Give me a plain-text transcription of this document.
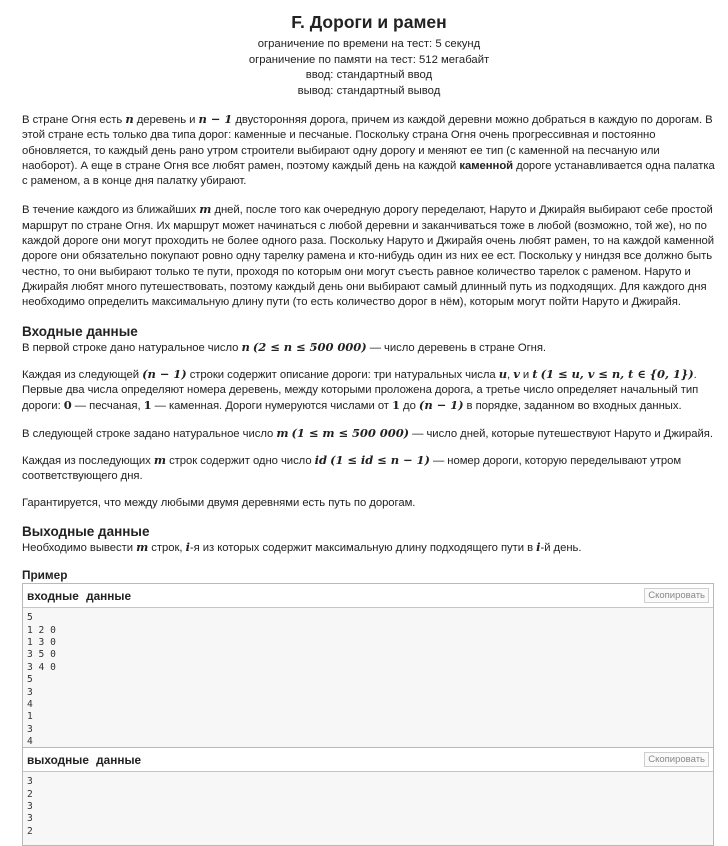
F. Дороги и рамен
ограничение по времени на тест: 5 секунд
ограничение по памяти на тест: 512 мегабайт
ввод: стандартный ввод
вывод: стандартный вывод

В стране Огня есть n деревень и n − 1 двусторонняя дорога, причем из каждой деревни можно добраться в каждую по дорогам. В этой стране есть только два типа дорог: каменные и песчаные. Поскольку страна Огня очень прогрессивная и постоянно обновляется, то каждый день рано утром строители выбирают одну дорогу и меняют ее тип (с каменной на песчаную или наоборот). А еще в стране Огня все любят рамен, поэтому каждый день на каждой каменной дороге устанавливается одна палатка с раменом, а в конце дня палатку убирают.

В течение каждого из ближайших m дней, после того как очередную дорогу переделают, Наруто и Джирайя выбирают себе простой маршрут по стране Огня. Их маршрут может начинаться с любой деревни и заканчиваться тоже в любой (возможно, той же), но по каждой дороге они могут проходить не более одного раза. Поскольку Наруто и Джирайя очень любят рамен, то на каждой каменной дороге они обязательно покупают ровно одну тарелку рамена и кто-нибудь один из них ее ест. Поскольку у ниндзя все должно быть честно, то они выбирают только те пути, проходя по которым они могут съесть равное количество тарелок с раменом. Наруто и Джирайя любят много путешествовать, поэтому каждый день они выбирают самый длинный путь из подходящих. Для каждого дня необходимо определить максимальную длину пути (то есть количество дорог в нём), которым могут пойти Наруто и Джирайя.

Входные данные

В первой строке дано натуральное число n (2 ≤ n ≤ 500 000) — число деревень в стране Огня.

Каждая из следующей (n − 1) строки содержит описание дороги: три натуральных числа u, v и t (1 ≤ u, v ≤ n, t ∈ {0, 1}). Первые два числа определяют номера деревень, между которыми проложена дорога, а третье число определяет начальный тип дороги: 0 — песчаная, 1 — каменная. Дороги нумеруются числами от 1 до (n − 1) в порядке, заданном во входных данных.

В следующей строке задано натуральное число m (1 ≤ m ≤ 500 000) — число дней, которые путешествуют Наруто и Джирайя.

Каждая из последующих m строк содержит одно число id (1 ≤ id ≤ n − 1) — номер дороги, которую переделывают утром соответствующего дня.

Гарантируется, что между любыми двумя деревнями есть путь по дорогам.

Выходные данные

Необходимо вывести m строк, i-я из которых содержит максимальную длину подходящего пути в i-й день.

Пример
входные данные	Скопировать
5
1 2 0
1 3 0
3 5 0
3 4 0
5
3
4
1
3
4
выходные данные	Скопировать
3
2
3
3
2
